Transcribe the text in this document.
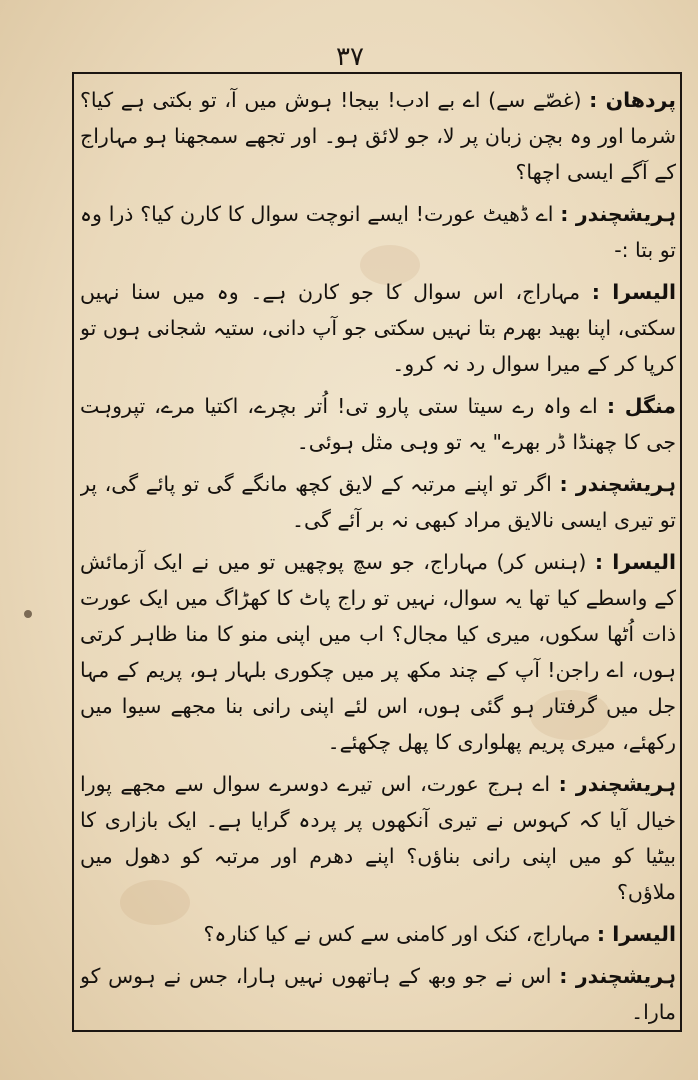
۳۷

پردھان : (غصّے سے) اے بے ادب! بیجا! ہوش میں آ، تو بکتی ہے کیا؟ شرما اور وہ بچن زبان پر لا، جو لائق ہو۔ اور تجھے سمجھنا ہو مہاراج کے آگے ایسی اچھا؟

ہریشچندر : اے ڈھیٹ عورت! ایسے انوچت سوال کا کارن کیا؟ ذرا وہ تو بتا :-

الیسرا : مہاراج، اس سوال کا جو کارن ہے۔ وہ میں سنا نہیں سکتی، اپنا بھید بھرم بتا نہیں سکتی جو آپ دانی، ستیہ شجانی ہوں تو کرپا کر کے میرا سوال رد نہ کرو۔

منگل : اے واہ رے سیتا ستی پارو تی! اُتر بچرے، اکتیا مرے، تپروہت جی کا چھنڈا ڈر بھرے" یہ تو وہی مثل ہوئی۔

ہریشچندر : اگر تو اپنے مرتبہ کے لایق کچھ مانگے گی تو پائے گی، پر تو تیری ایسی نالایق مراد کبھی نہ بر آئے گی۔

الیسرا : (ہنس کر) مہاراج، جو سچ پوچھیں تو میں نے ایک آزمائش کے واسطے کیا تھا یہ سوال، نہیں تو راج پاٹ کا کھڑاگ میں ایک عورت ذات اُٹھا سکوں، میری کیا مجال؟ اب میں اپنی منو کا منا ظاہر کرتی ہوں، اے راجن! آپ کے چند مکھ پر میں چکوری بلہار ہو، پریم کے مہا جل میں گرفتار ہو گئی ہوں، اس لئے اپنی رانی بنا مجھے سیوا میں رکھئے، میری پریم پھلواری کا پھل چکھئے۔

ہریشچندر : اے ہرج عورت، اس تیرے دوسرے سوال سے مجھے پورا خیال آیا کہ کہوس نے تیری آنکھوں پر پردہ گرایا ہے۔ ایک بازاری کا بیٹیا کو میں اپنی رانی بناؤں؟ اپنے دھرم اور مرتبہ کو دھول میں ملاؤں؟

الیسرا : مہاراج، کنک اور کامنی سے کس نے کیا کنارہ؟

ہریشچندر : اس نے جو وبھ کے ہاتھوں نہیں ہارا، جس نے ہوس کو مارا۔
